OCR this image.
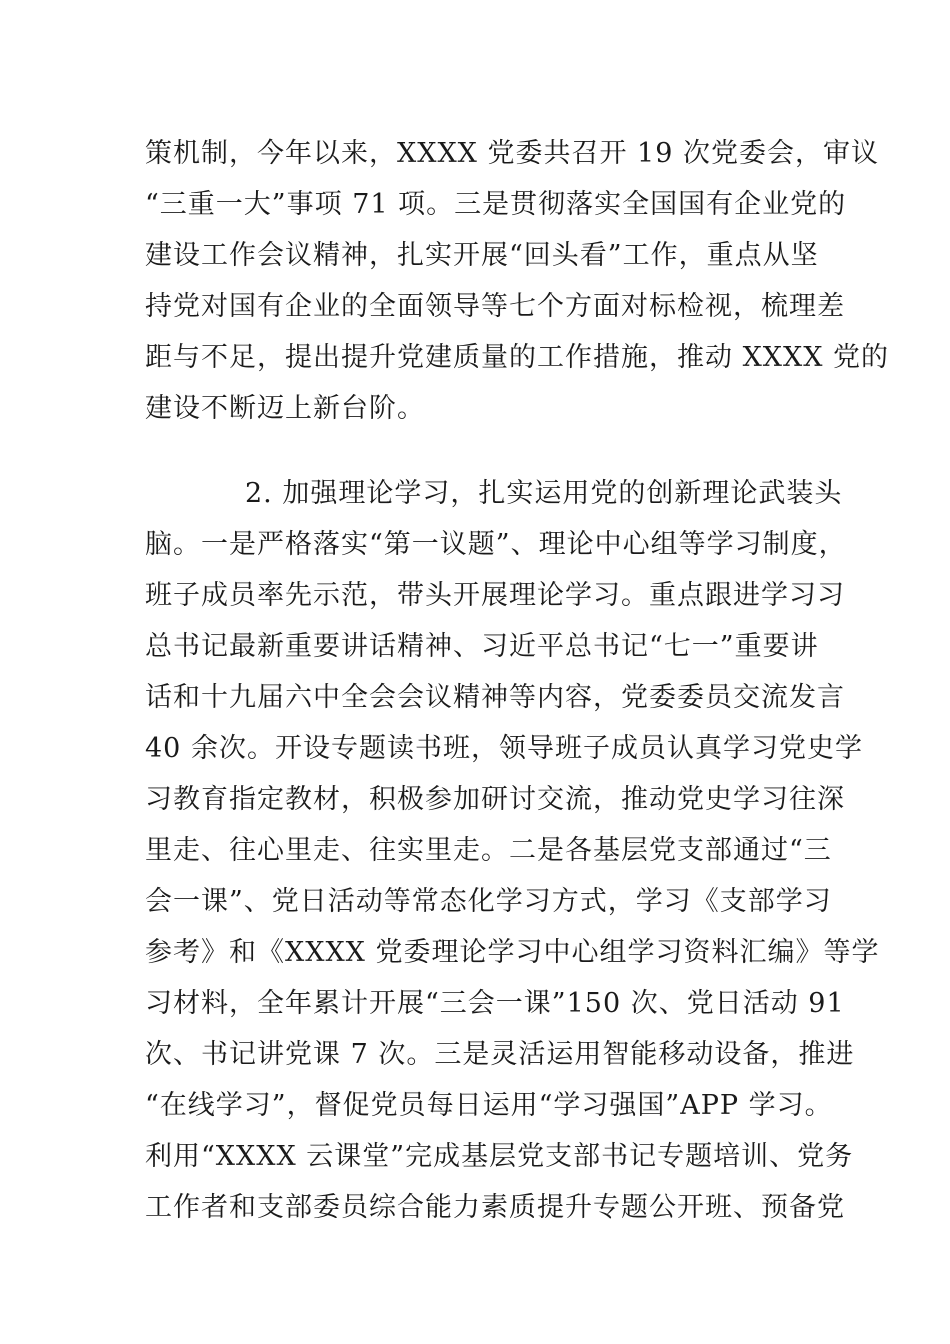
策机制，今年以来，XXXX 党委共召开 19 次党委会，审议
“三重一大”事项 71 项。三是贯彻落实全国国有企业党的
建设工作会议精神，扎实开展“回头看”工作，重点从坚
持党对国有企业的全面领导等七个方面对标检视，梳理差
距与不足，提出提升党建质量的工作措施，推动 XXXX 党的
建设不断迈上新台阶。
2. 加强理论学习，扎实运用党的创新理论武装头
脑。一是严格落实“第一议题”、理论中心组等学习制度，
班子成员率先示范，带头开展理论学习。重点跟进学习习
总书记最新重要讲话精神、习近平总书记“七一”重要讲
话和十九届六中全会会议精神等内容，党委委员交流发言
40 余次。开设专题读书班，领导班子成员认真学习党史学
习教育指定教材，积极参加研讨交流，推动党史学习往深
里走、往心里走、往实里走。二是各基层党支部通过“三
会一课”、党日活动等常态化学习方式，学习《支部学习
参考》和《XXXX 党委理论学习中心组学习资料汇编》等学
习材料，全年累计开展“三会一课”150 次、党日活动 91
次、书记讲党课 7 次。三是灵活运用智能移动设备，推进
“在线学习”，督促党员每日运用“学习强国”APP 学习。
利用“XXXX 云课堂”完成基层党支部书记专题培训、党务
工作者和支部委员综合能力素质提升专题公开班、预备党
